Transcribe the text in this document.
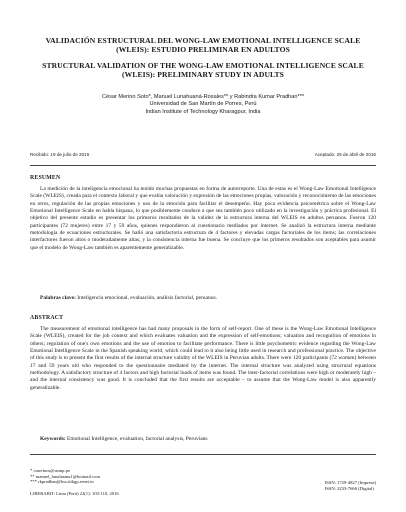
VALIDACIÓN ESTRUCTURAL DEL WONG-LAW EMOTIONAL INTELLIGENCE SCALE (WLEIS): ESTUDIO PRELIMINAR EN ADULTOS
STRUCTURAL VALIDATION OF THE WONG-LAW EMOTIONAL INTELLIGENCE SCALE (WLEIS): PRELIMINARY STUDY IN ADULTS
César Merino Soto*, Manuel Lunahuaná-Rosales** y Rabindra Kumar Pradhan***
Universidad de San Martín de Porres, Perú
Indian Institute of Technology Kharagpur, India
Recibido: 19 de julio de 2015	Aceptado: 25 de abril de 2016
RESUMEN

La medición de la inteligencia emocional ha tenido muchas propuestas en forma de autorreporte. Una de estas es el Wong-Law Emotional Intelligence Scale (WLEIS), creada para el contexto laboral y que evalúa valoración y expresión de las emociones propias, valoración y reconocimiento de las emociones en otros, regulación de las propias emociones y uso de la emoción para facilitar el desempeño. Hay poca evidencia psicométrica sobre el Wong-Law Emotional Intelligence Scale en habla hispana, lo que posiblemente conduce a que sea también poco utilizado en la investigación y práctica profesional. El objetivo del presente estudio es presentar los primeros resultados de la validez de la estructura interna del WLEIS en adultos peruanos. Fueron 120 participantes (72 mujeres) entre 17 y 59 años, quienes respondieron al cuestionario mediados por internet. Se analizó la estructura interna mediante metodología de ecuaciones estructurales. Se halló una satisfactoria estructura de 4 factores y elevadas cargas factoriales de los ítems; las correlaciones interfactores fueron altos o moderadamente altas; y la consistencia interna fue buena. Se concluye que los primeros resultados son aceptables para asumir que el modelo de Wong-Law también es aparentemente generalizable.

Palabras clave: Inteligencia emocional, evaluación, análisis factorial, peruanos.
ABSTRACT

The measurement of emotional intelligence has had many proposals in the form of self-report. One of these is the Wong-Law Emotional Intelligence Scale (WLEIS), created for the job context and which evaluates valuation and the expression of self-emotions; valuation and recognition of emotions in others; regulation of one's own emotions and the use of emotion to facilitate performance. There is little psychometric evidence regarding the Wong-Law Emotional Intelligence Scale in the Spanish speaking world, which could lead to it also being little used in research and professional practice. The objective of this study is to present the first results of the internal structure validity of the WLEIS in Peruvian adults. There were 120 participants (72 women) between 17 and 59 years old who responded to the questionnaire mediated by the internet. The internal structure was analyzed using structural equations methodology. A satisfactory structure of 4 factors and high factorial loads of items was found. The inter-factorial correlations were high or moderately high – and the internal consistency was good. It is concluded that the first results are acceptable – to assume that the Wong-Law model is also apparently generalizable.

Keywords: Emotional Intelligence, evaluation, factorial analysis, Peruvians
* cmerinos@usmp.pe
** manuel_lunahuana1@hotmail.com
*** rkpradhan@hss.iitkgp.ernet.in
LIBERABIT: Lima (Perú) 22(1): 103-110, 2016
ISSN: 1729-4827 (Impresa)
ISSN: 2233-7666 (Digital)
